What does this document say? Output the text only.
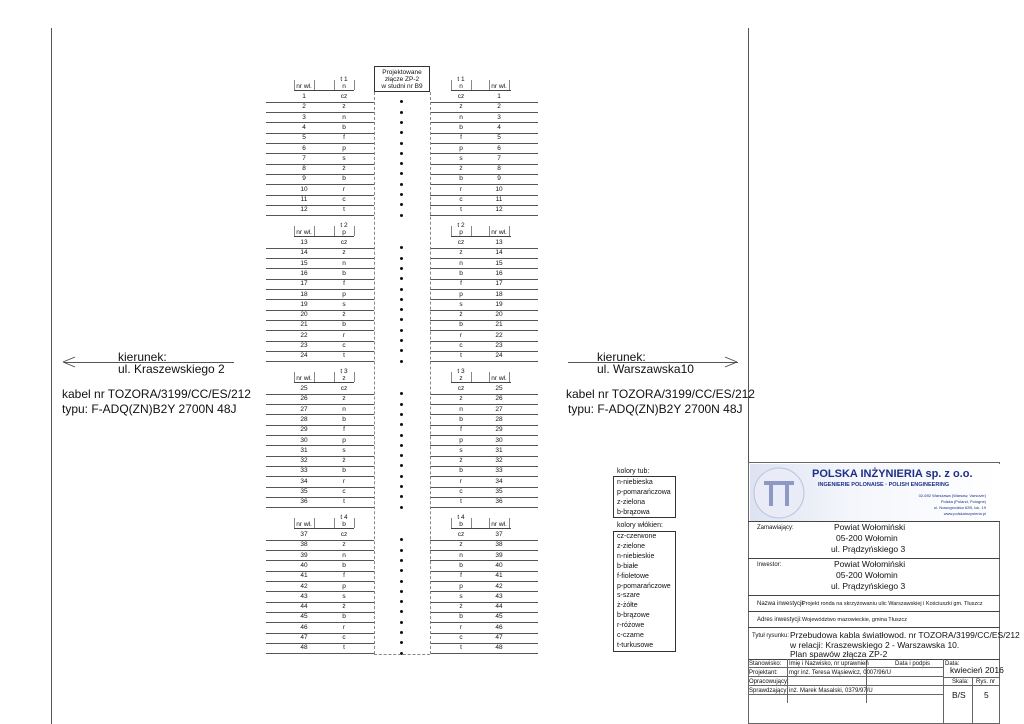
t 1
n
t 1
n
nr wł.	nr wł.
1	cz	cz	1
2	z	z	2
3	n	n	3
4	b	b	4
5	f	f	5
6	p	p	6
7	s	s	7
8	ż	ż	8
9	b	b	9
10	r	r	10
11	c	c	11
12	t	t	12
t 2
p
t 2
p
nr wł.	nr wł.
13	cz	cz	13
14	z	z	14
15	n	n	15
16	b	b	16
17	f	f	17
18	p	p	18
19	s	s	19
20	ż	ż	20
21	b	b	21
22	r	r	22
23	c	c	23
24	t	t	24
t 3
z
t 3
z
nr wł.	nr wł.
25	cz	cz	25
26	z	z	26
27	n	n	27
28	b	b	28
29	f	f	29
30	p	p	30
31	s	s	31
32	ż	ż	32
33	b	b	33
34	r	r	34
35	c	c	35
36	t	t	36
t 4
b
t 4
b
nr wł.	nr wł.
37	cz	cz	37
38	z	z	38
39	n	n	39
40	b	b	40
41	f	f	41
42	p	p	42
43	s	s	43
44	ż	ż	44
45	b	b	45
46	r	r	46
47	c	c	47
48	t	t	48
Projektowane
złącze ZP-2
w studni nr B9
kierunek:
ul. Kraszewskiego 2
kabel nr TOZORA/3199/CC/ES/212
typu: F-ADQ(ZN)B2Y 2700N 48J
kierunek:
ul. Warszawska10
kabel nr TOZORA/3199/CC/ES/212
typu: F-ADQ(ZN)B2Y 2700N 48J
kolory tub:
n-niebieska
p-pomarańczowa
z-zielona
b-brązowa
kolory włókien:
cz-czerwone
z-zielone
n-niebieskie
b-białe
f-fioletowe
p-pomarańczowe
s-szare
ż-żółte
b-brązowe
r-różowe
c-czarne
t-turkusowe
POLSKA INŻYNIERIA sp. z o.o.
INGENIERIE POLONAISE · POLISH ENGINEERING
02-692 Warszawa (Warsaw, Varsovie)
Polska (Poland, Pologne)
ul. Nowogrodzka 62B, lok. 19
www.polskainzynieria.pl
Zamawiający:	Powiat Wołomiński
05-200 Wołomin
ul. Prądzyńskiego 3
Inwestor:	Powiat Wołomiński
05-200 Wołomin
ul. Prądzyńskiego 3
Nazwa inwestycji:
Projekt ronda na skrzyżowaniu ulic Warszawskiej i Kościuszki gm. Tłuszcz
Adres inwestycji: Województwo mazowieckie, gmina Tłuszcz
Tytuł rysunku: Przebudowa kabla światłowod. nr TOZORA/3199/CC/ES/212
w relacji: Kraszewskiego 2 - Warszawska 10.
Plan spawów złącza ZP-2
Stanowisko: Imię i Nazwisko, nr uprawnień	Data i podpis Data:
kwiecień 2016
Projektant: mgr inż. Teresa Wąsiewicz, 0007/96/U
Opracowujący:
Sprawdzający: inż. Marek Masalski, 0379/97/U
Skala: Rys. nr
B/S 5
